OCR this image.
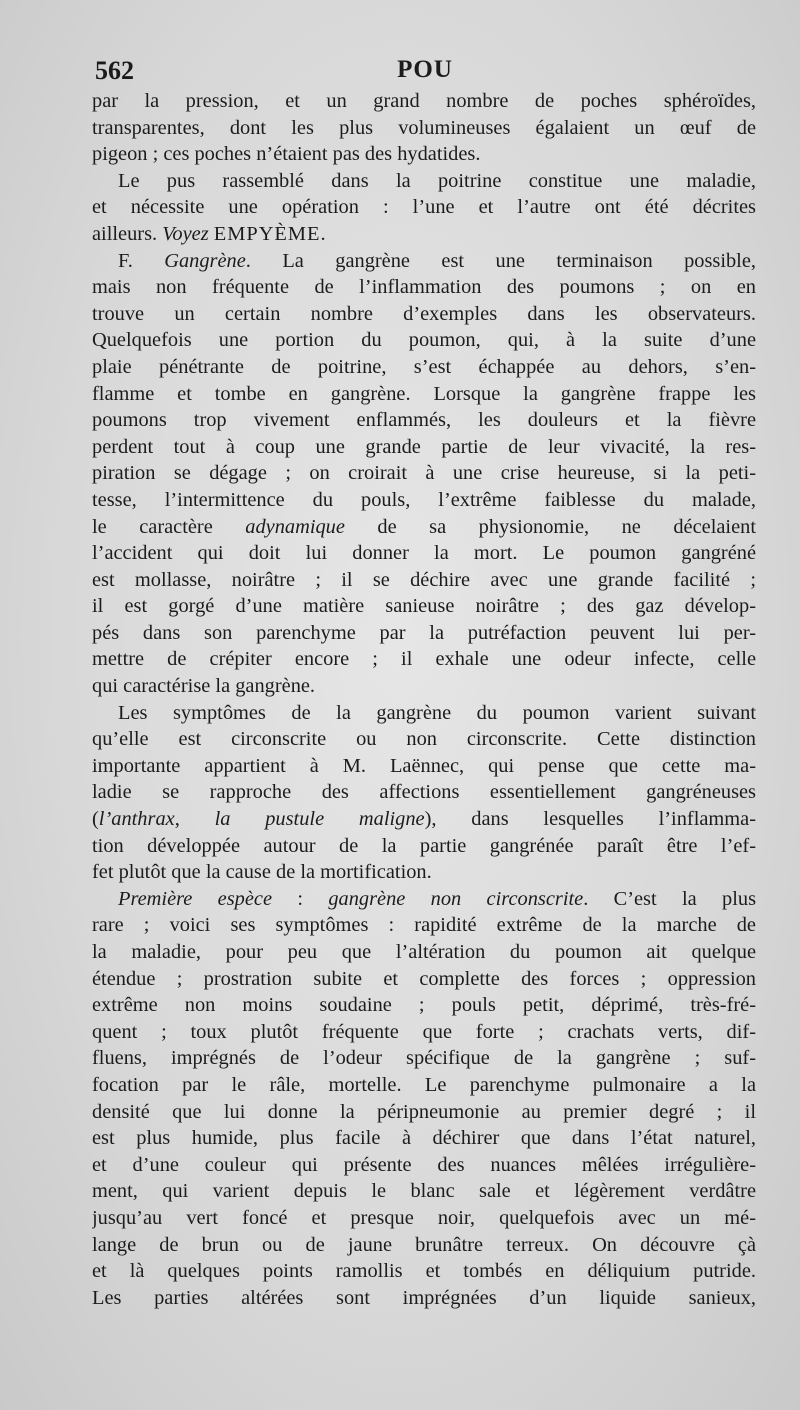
562	POU
par la pression, et un grand nombre de poches sphéroïdes,
transparentes, dont les plus volumineuses égalaient un œuf de
pigeon ; ces poches n’étaient pas des hydatides.
Le pus rassemblé dans la poitrine constitue une maladie,
et nécessite une opération : l’une et l’autre ont été décrites
ailleurs. Voyez EMPYÈME.
F. Gangrène. La gangrène est une terminaison possible,
mais non fréquente de l’inflammation des poumons ; on en
trouve un certain nombre d’exemples dans les observateurs.
Quelquefois une portion du poumon, qui, à la suite d’une
plaie pénétrante de poitrine, s’est échappée au dehors, s’en-
flamme et tombe en gangrène. Lorsque la gangrène frappe les
poumons trop vivement enflammés, les douleurs et la fièvre
perdent tout à coup une grande partie de leur vivacité, la res-
piration se dégage ; on croirait à une crise heureuse, si la peti-
tesse, l’intermittence du pouls, l’extrême faiblesse du malade,
le caractère adynamique de sa physionomie, ne décelaient
l’accident qui doit lui donner la mort. Le poumon gangréné
est mollasse, noirâtre ; il se déchire avec une grande facilité ;
il est gorgé d’une matière sanieuse noirâtre ; des gaz dévelop-
pés dans son parenchyme par la putréfaction peuvent lui per-
mettre de crépiter encore ; il exhale une odeur infecte, celle
qui caractérise la gangrène.
Les symptômes de la gangrène du poumon varient suivant
qu’elle est circonscrite ou non circonscrite. Cette distinction
importante appartient à M. Laënnec, qui pense que cette ma-
ladie se rapproche des affections essentiellement gangréneuses
(l’anthrax, la pustule maligne), dans lesquelles l’inflamma-
tion développée autour de la partie gangrénée paraît être l’ef-
fet plutôt que la cause de la mortification.
Première espèce : gangrène non circonscrite. C’est la plus
rare ; voici ses symptômes : rapidité extrême de la marche de
la maladie, pour peu que l’altération du poumon ait quelque
étendue ; prostration subite et complette des forces ; oppression
extrême non moins soudaine ; pouls petit, déprimé, très-fré-
quent ; toux plutôt fréquente que forte ; crachats verts, dif-
fluens, imprégnés de l’odeur spécifique de la gangrène ; suf-
focation par le râle, mortelle. Le parenchyme pulmonaire a la
densité que lui donne la péripneumonie au premier degré ; il
est plus humide, plus facile à déchirer que dans l’état naturel,
et d’une couleur qui présente des nuances mêlées irrégulière-
ment, qui varient depuis le blanc sale et légèrement verdâtre
jusqu’au vert foncé et presque noir, quelquefois avec un mé-
lange de brun ou de jaune brunâtre terreux. On découvre çà
et là quelques points ramollis et tombés en déliquium putride.
Les parties altérées sont imprégnées d’un liquide sanieux,
